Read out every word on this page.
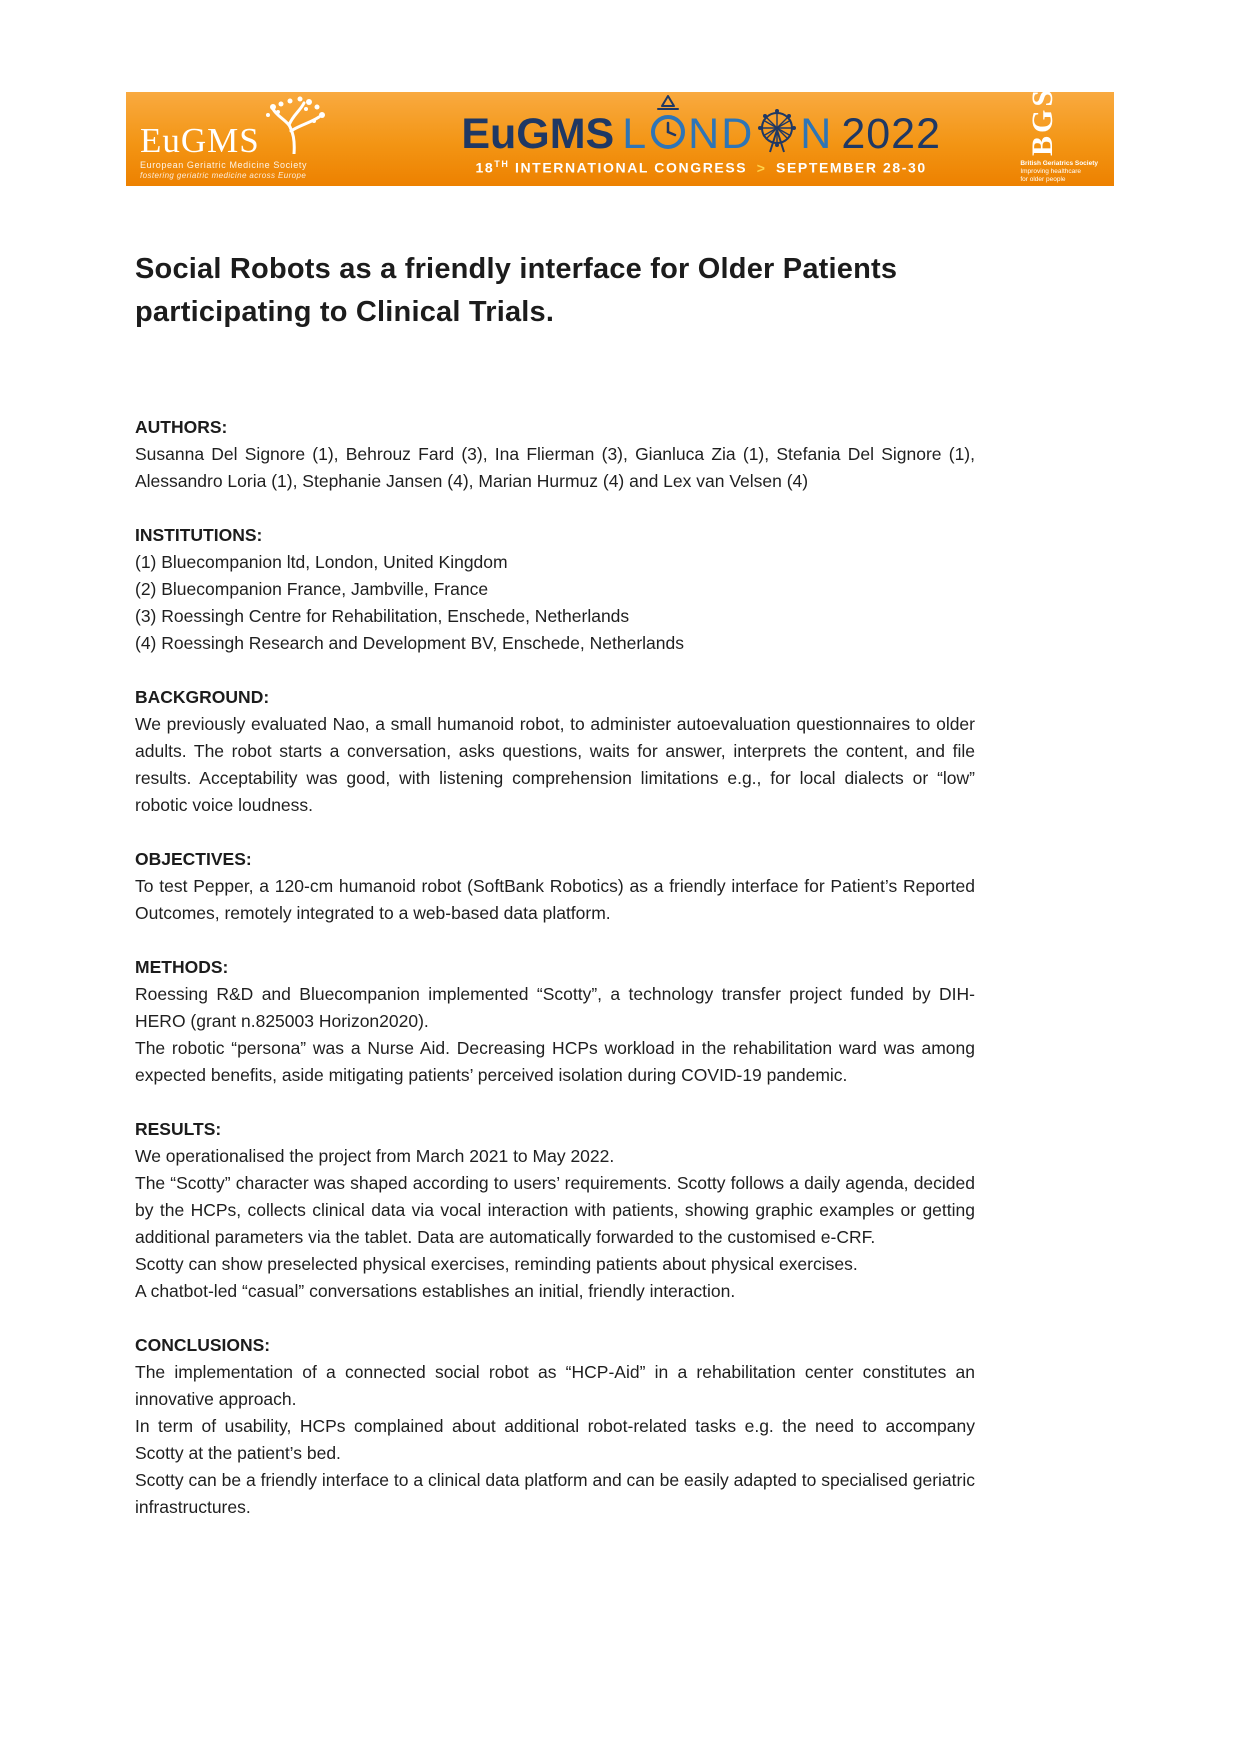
EuGMS
European Geriatric Medicine Society
fostering geriatric medicine across Europe
EuGMS L ND N 2022
18TH INTERNATIONAL CONGRESS > SEPTEMBER 28-30
BGS
British Geriatrics Society
Improving healthcare
for older people
Social Robots as a friendly interface for Older Patients participating to Clinical Trials.
AUTHORS:

Susanna Del Signore (1), Behrouz Fard (3), Ina Flierman (3), Gianluca Zia (1), Stefania Del Signore (1), Alessandro Loria (1), Stephanie Jansen (4), Marian Hurmuz (4) and Lex van Velsen (4)

INSTITUTIONS:

(1) Bluecompanion ltd, London, United Kingdom

(2) Bluecompanion France, Jambville, France

(3) Roessingh Centre for Rehabilitation, Enschede, Netherlands

(4) Roessingh Research and Development BV, Enschede, Netherlands

BACKGROUND:

We previously evaluated Nao, a small humanoid robot, to administer autoevaluation questionnaires to older adults. The robot starts a conversation, asks questions, waits for answer, interprets the content, and file results. Acceptability was good, with listening comprehension limitations e.g., for local dialects or “low” robotic voice loudness.

OBJECTIVES:

To test Pepper, a 120-cm humanoid robot (SoftBank Robotics) as a friendly interface for Patient’s Reported Outcomes, remotely integrated to a web-based data platform.

METHODS:

Roessing R&D and Bluecompanion implemented “Scotty”, a technology transfer project funded by DIH-HERO (grant n.825003 Horizon2020).

The robotic “persona” was a Nurse Aid. Decreasing HCPs workload in the rehabilitation ward was among expected benefits, aside mitigating patients’ perceived isolation during COVID-19 pandemic.

RESULTS:

We operationalised the project from March 2021 to May 2022.

The “Scotty” character was shaped according to users’ requirements. Scotty follows a daily agenda, decided by the HCPs, collects clinical data via vocal interaction with patients, showing graphic examples or getting additional parameters via the tablet. Data are automatically forwarded to the customised e-CRF.

Scotty can show preselected physical exercises, reminding patients about physical exercises.

A chatbot-led “casual” conversations establishes an initial, friendly interaction.

CONCLUSIONS:

The implementation of a connected social robot as “HCP-Aid” in a rehabilitation center constitutes an innovative approach.

In term of usability, HCPs complained about additional robot-related tasks e.g. the need to accompany Scotty at the patient’s bed.

Scotty can be a friendly interface to a clinical data platform and can be easily adapted to specialised geriatric infrastructures.
